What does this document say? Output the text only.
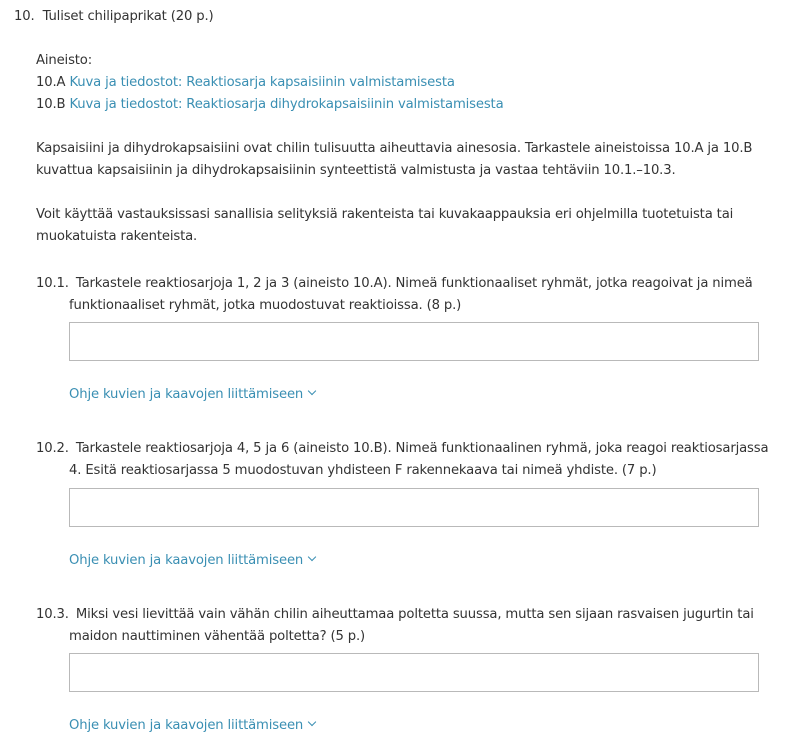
10. Tuliset chilipaprikat (20 p.)
Aineisto:
10.A Kuva ja tiedostot: Reaktiosarja kapsaisiinin valmistamisesta
10.B Kuva ja tiedostot: Reaktiosarja dihydrokapsaisiinin valmistamisesta
Kapsaisiini ja dihydrokapsaisiini ovat chilin tulisuutta aiheuttavia ainesosia. Tarkastele aineistoissa 10.A ja 10.B
kuvattua kapsaisiinin ja dihydrokapsaisiinin synteettistä valmistusta ja vastaa tehtäviin 10.1.–10.3.
Voit käyttää vastauksissasi sanallisia selityksiä rakenteista tai kuvakaappauksia eri ohjelmilla tuotetuista tai
muokatuista rakenteista.
10.1. Tarkastele reaktiosarjoja 1, 2 ja 3 (aineisto 10.A). Nimeä funktionaaliset ryhmät, jotka reagoivat ja nimeä
funktionaaliset ryhmät, jotka muodostuvat reaktioissa. (8 p.)
Ohje kuvien ja kaavojen liittämiseen
10.2. Tarkastele reaktiosarjoja 4, 5 ja 6 (aineisto 10.B). Nimeä funktionaalinen ryhmä, joka reagoi reaktiosarjassa
4. Esitä reaktiosarjassa 5 muodostuvan yhdisteen F rakennekaava tai nimeä yhdiste. (7 p.)
Ohje kuvien ja kaavojen liittämiseen
10.3. Miksi vesi lievittää vain vähän chilin aiheuttamaa poltetta suussa, mutta sen sijaan rasvaisen jugurtin tai
maidon nauttiminen vähentää poltetta? (5 p.)
Ohje kuvien ja kaavojen liittämiseen
